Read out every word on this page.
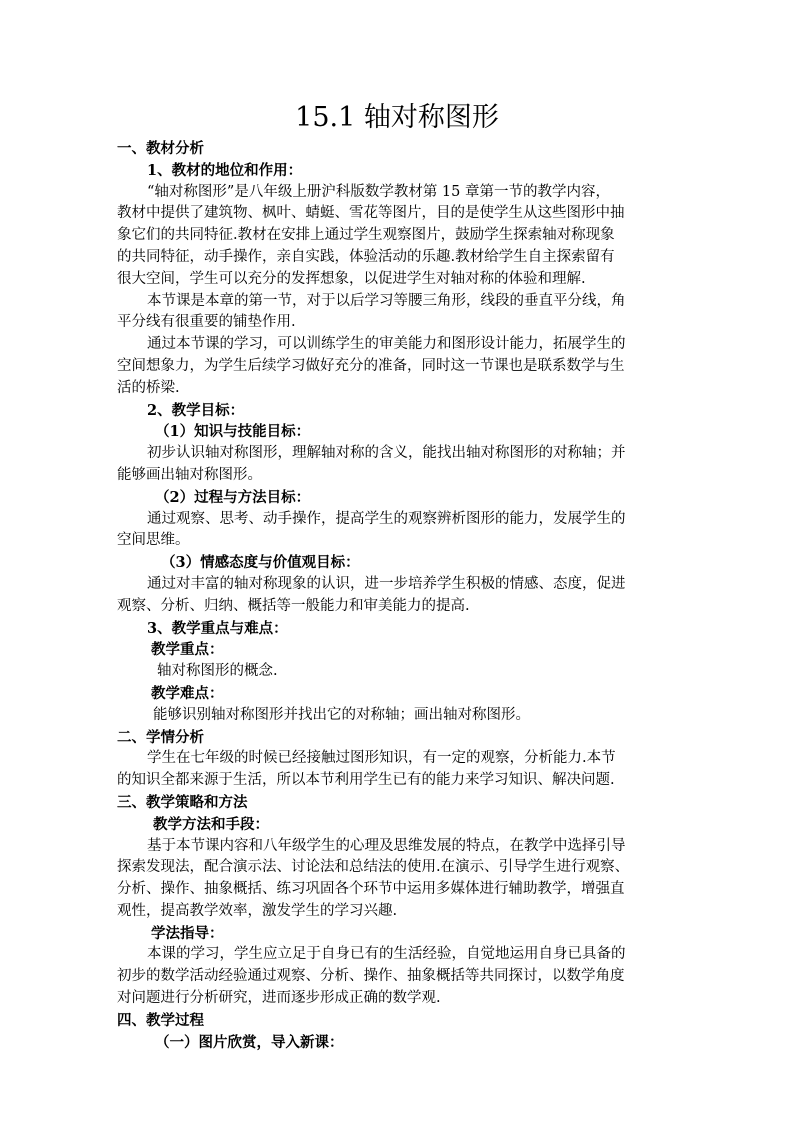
15.1 轴对称图形

一、教材分析

1、教材的地位和作用：

“轴对称图形”是八年级上册沪科版数学教材第 15 章第一节的教学内容，

教材中提供了建筑物、枫叶、蜻蜓、雪花等图片，目的是使学生从这些图形中抽

象它们的共同特征.教材在安排上通过学生观察图片，鼓励学生探索轴对称现象

的共同特征，动手操作，亲自实践，体验活动的乐趣.教材给学生自主探索留有

很大空间，学生可以充分的发挥想象，以促进学生对轴对称的体验和理解.

本节课是本章的第一节，对于以后学习等腰三角形，线段的垂直平分线，角

平分线有很重要的铺垫作用.

通过本节课的学习，可以训练学生的审美能力和图形设计能力，拓展学生的

空间想象力，为学生后续学习做好充分的准备，同时这一节课也是联系数学与生

活的桥梁.

2、教学目标：

（1）知识与技能目标：

初步认识轴对称图形，理解轴对称的含义，能找出轴对称图形的对称轴；并

能够画出轴对称图形。

（2）过程与方法目标：

通过观察、思考、动手操作，提高学生的观察辨析图形的能力，发展学生的

空间思维。

（3）情感态度与价值观目标：

通过对丰富的轴对称现象的认识，进一步培养学生积极的情感、态度，促进

观察、分析、归纳、概括等一般能力和审美能力的提高.

3、教学重点与难点：

教学重点：

轴对称图形的概念.

教学难点：

能够识别轴对称图形并找出它的对称轴；画出轴对称图形。

二、学情分析

学生在七年级的时候已经接触过图形知识，有一定的观察，分析能力.本节

的知识全都来源于生活，所以本节利用学生已有的能力来学习知识、解决问题.

三、教学策略和方法

教学方法和手段：

基于本节课内容和八年级学生的心理及思维发展的特点，在教学中选择引导

探索发现法，配合演示法、讨论法和总结法的使用.在演示、引导学生进行观察、

分析、操作、抽象概括、练习巩固各个环节中运用多媒体进行辅助教学，增强直

观性，提高教学效率，激发学生的学习兴趣.

学法指导：

本课的学习，学生应立足于自身已有的生活经验，自觉地运用自身已具备的

初步的数学活动经验通过观察、分析、操作、抽象概括等共同探讨，以数学角度

对问题进行分析研究，进而逐步形成正确的数学观.

四、教学过程

（一）图片欣赏，导入新课：
